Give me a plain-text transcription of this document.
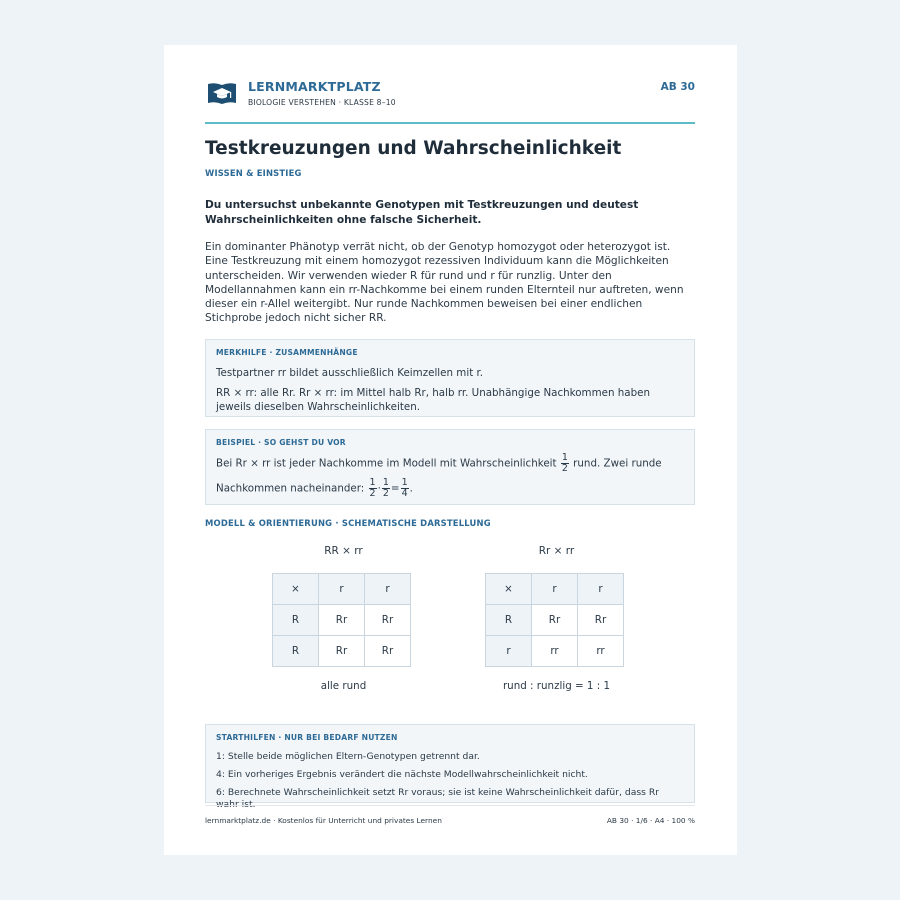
LERNMARKTPLATZ
BIOLOGIE VERSTEHEN · KLASSE 8–10
AB 30
Testkreuzungen und Wahrscheinlichkeit
WISSEN & EINSTIEG
Du untersuchst unbekannte Genotypen mit Testkreuzungen und deutest Wahrscheinlichkeiten ohne falsche Sicherheit.
Ein dominanter Phänotyp verrät nicht, ob der Genotyp homozygot oder heterozygot ist. Eine Testkreuzung mit einem homozygot rezessiven Individuum kann die Möglichkeiten unterscheiden. Wir verwenden wieder R für rund und r für runzlig. Unter den Modellannahmen kann ein rr-Nachkomme bei einem runden Elternteil nur auftreten, wenn dieser ein r-Allel weitergibt. Nur runde Nachkommen beweisen bei einer endlichen Stichprobe jedoch nicht sicher RR.
MERKHILFE · ZUSAMMENHÄNGE

Testpartner rr bildet ausschließlich Keimzellen mit r.

RR × rr: alle Rr. Rr × rr: im Mittel halb Rr, halb rr. Unabhängige Nachkommen haben jeweils dieselben Wahrscheinlichkeiten.

BEISPIEL · SO GEHST DU VOR

Bei Rr × rr ist jeder Nachkomme im Modell mit Wahrscheinlichkeit $\frac{1}{2}$ rund. Zwei runde

Nachkommen nacheinander: $\frac{1}{2} \cdot \frac{1}{2} = \frac{1}{4}$ .

MODELL & ORIENTIERUNG · SCHEMATISCHE DARSTELLUNG
RR × rr
×	r	r
R	Rr	Rr
R	Rr	Rr
alle rund
Rr × rr
×	r	r
R	Rr	Rr
r	rr	rr
rund : runzlig = 1 : 1
STARTHILFEN · NUR BEI BEDARF NUTZEN

1: Stelle beide möglichen Eltern-Genotypen getrennt dar.

4: Ein vorheriges Ergebnis verändert die nächste Modellwahrscheinlichkeit nicht.

6: Berechnete Wahrscheinlichkeit setzt Rr voraus; sie ist keine Wahrscheinlichkeit dafür, dass Rr wahr ist.

lernmarktplatz.de · Kostenlos für Unterricht und privates Lernen	AB 30 · 1/6 · A4 · 100 %
